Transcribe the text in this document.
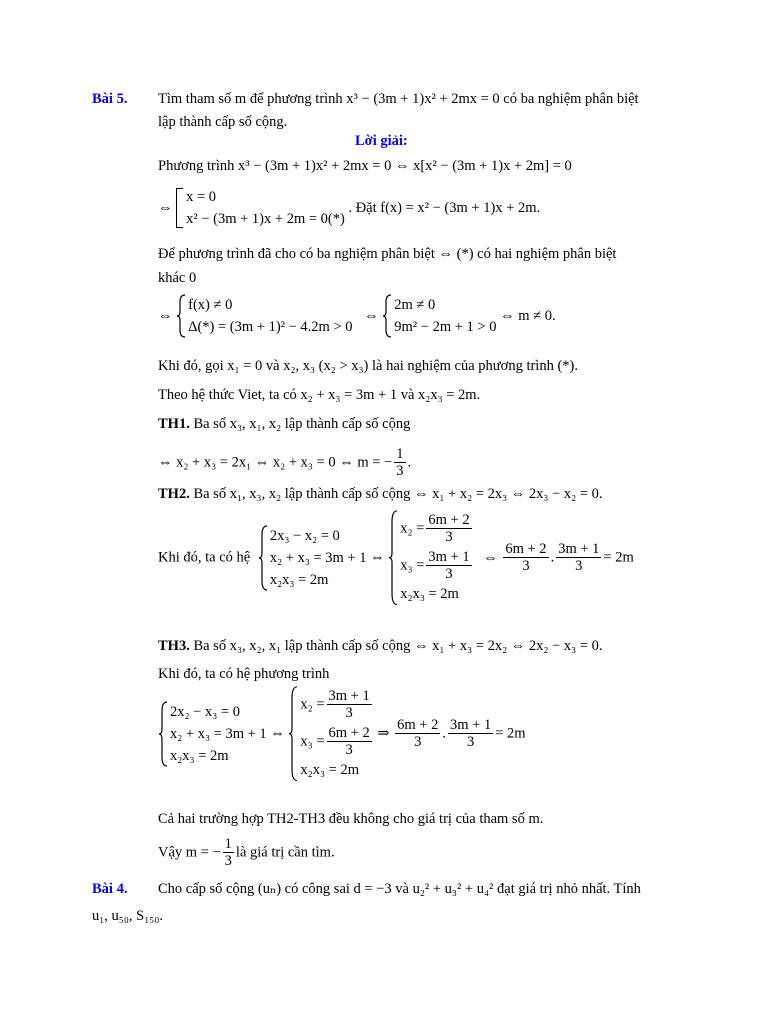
Bài 5. Tìm tham số m để phương trình x³ − (3m + 1)x² + 2mx = 0 có ba nghiệm phân biệt
lập thành cấp số cộng.
Lời giải:
Phương trình x³ − (3m + 1)x² + 2mx = 0 ⇔ x[x² − (3m + 1)x + 2m] = 0
⇔
x = 0
x² − (3m + 1)x + 2m = 0(*)
. Đặt f(x) = x² − (3m + 1)x + 2m.
Để phương trình đã cho có ba nghiệm phân biệt ⇔ (*) có hai nghiệm phân biệt
khác 0
⇔
f(x) ≠ 0
Δ(*) = (3m + 1)² − 4.2m > 0
⇔
2m ≠ 0
9m² − 2m + 1 > 0
⇔ m ≠ 0.
Khi đó, gọi x₁ = 0 và x₂, x₃ (x₂ > x₃) là hai nghiệm của phương trình (*).
Theo hệ thức Viet, ta có x₂ + x₃ = 3m + 1 và x₂x₃ = 2m.
TH1. Ba số x₃, x₁, x₂ lập thành cấp số cộng
⇔ x₂ + x₃ = 2x₁ ⇔ x₂ + x₃ = 0 ⇔ m = − $\frac{1}{3}$ .
TH2. Ba số x₁, x₃, x₂ lập thành cấp số cộng ⇔ x₁ + x₂ = 2x₃ ⇔ 2x₃ − x₂ = 0.
Khi đó, ta có hệ
2x₃ − x₂ = 0
x₂ + x₃ = 3m + 1
x₂x₃ = 2m
⇔
$x_2 = \frac{6m + 2}{3}$
$x_3 = \frac{3m + 1}{3}$
x₂x₃ = 2m
⇔ $\frac{6m + 2}{3}$ . $\frac{3m + 1}{3} = 2m$
TH3. Ba số x₃, x₂, x₁ lập thành cấp số cộng ⇔ x₁ + x₃ = 2x₂ ⇔ 2x₂ − x₃ = 0.
Khi đó, ta có hệ phương trình
2x₂ − x₃ = 0
x₂ + x₃ = 3m + 1
x₂x₃ = 2m
⇔
$x_2 = \frac{3m + 1}{3}$
$x_3 = \frac{6m + 2}{3}$
x₂x₃ = 2m
⇒ $\frac{6m + 2}{3}$ . $\frac{3m + 1}{3} = 2m$
Cả hai trường hợp TH2-TH3 đều không cho giá trị của tham số m.
Vậy m = − $\frac{1}{3}$ là giá trị cần tìm.
Bài 4. Cho cấp số cộng (uₙ) có công sai d = −3 và u₂² + u₃² + u₄² đạt giá trị nhỏ nhất. Tính
u₁, u₅₀, S₁₅₀.
